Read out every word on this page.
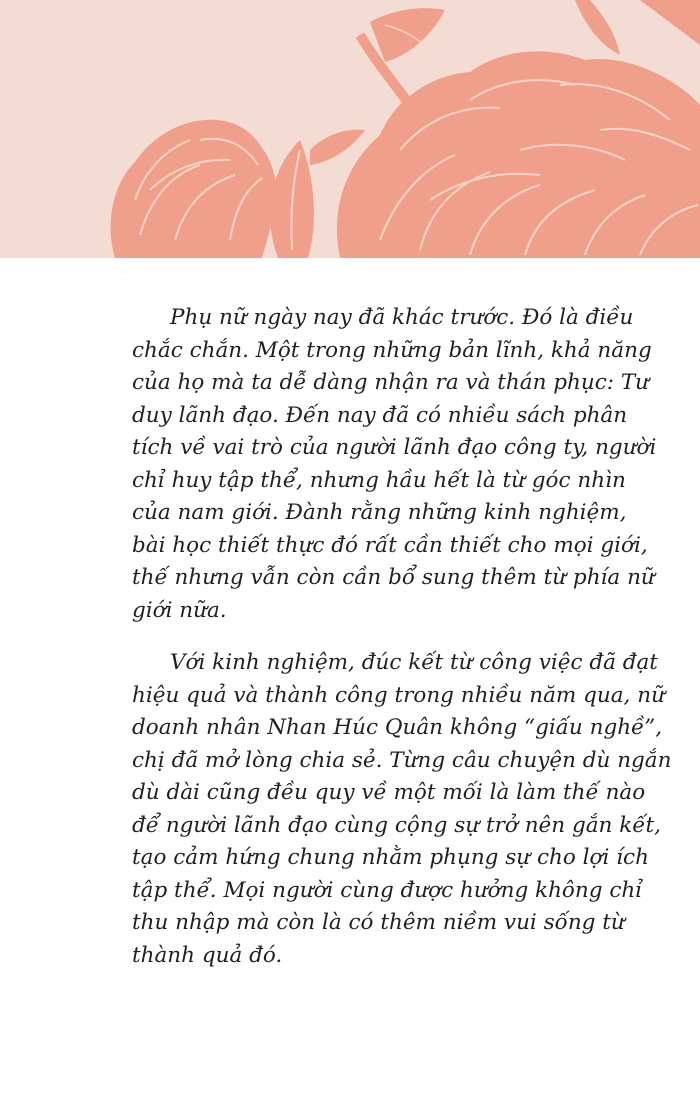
Phụ nữ ngày nay đã khác trước. Đó là điều
chắc chắn. Một trong những bản lĩnh, khả năng
của họ mà ta dễ dàng nhận ra và thán phục: Tư
duy lãnh đạo. Đến nay đã có nhiều sách phân
tích về vai trò của người lãnh đạo công ty, người
chỉ huy tập thể, nhưng hầu hết là từ góc nhìn
của nam giới. Đành rằng những kinh nghiệm,
bài học thiết thực đó rất cần thiết cho mọi giới,
thế nhưng vẫn còn cần bổ sung thêm từ phía nữ
giới nữa.
Với kinh nghiệm, đúc kết từ công việc đã đạt
hiệu quả và thành công trong nhiều năm qua, nữ
doanh nhân Nhan Húc Quân không “giấu nghề”,
chị đã mở lòng chia sẻ. Từng câu chuyện dù ngắn
dù dài cũng đều quy về một mối là làm thế nào
để người lãnh đạo cùng cộng sự trở nên gắn kết,
tạo cảm hứng chung nhằm phụng sự cho lợi ích
tập thể. Mọi người cùng được hưởng không chỉ
thu nhập mà còn là có thêm niềm vui sống từ
thành quả đó.
